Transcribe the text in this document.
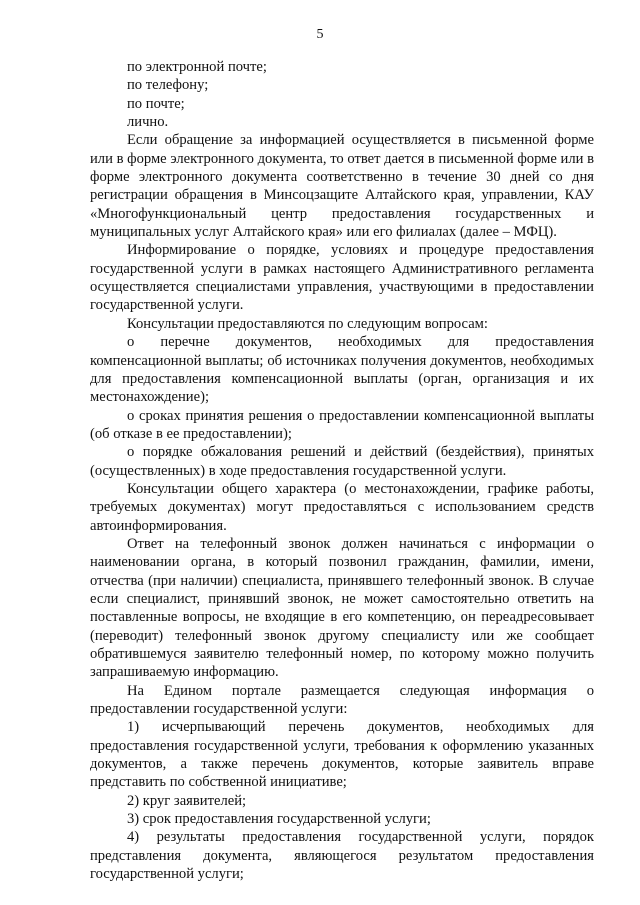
5

по электронной почте;

по телефону;

по почте;

лично.

Если обращение за информацией осуществляется в письменной форме или в форме электронного документа, то ответ дается в письменной форме или в форме электронного документа соответственно в течение 30 дней со дня регистрации обращения в Минсоцзащите Алтайского края, управлении, КАУ «Многофункциональный центр предоставления государственных и муниципальных услуг Алтайского края» или его филиалах (далее – МФЦ).

Информирование о порядке, условиях и процедуре предоставления государственной услуги в рамках настоящего Административного регламента осуществляется специалистами управления, участвующими в предоставлении государственной услуги.

Консультации предоставляются по следующим вопросам:

о перечне документов, необходимых для предоставления компенсационной выплаты; об источниках получения документов, необходимых для предоставления компенсационной выплаты (орган, организация и их местонахождение);

о сроках принятия решения о предоставлении компенсационной выплаты (об отказе в ее предоставлении);

о порядке обжалования решений и действий (бездействия), принятых (осуществленных) в ходе предоставления государственной услуги.

Консультации общего характера (о местонахождении, графике работы, требуемых документах) могут предоставляться с использованием средств автоинформирования.

Ответ на телефонный звонок должен начинаться с информации о наименовании органа, в который позвонил гражданин, фамилии, имени, отчества (при наличии) специалиста, принявшего телефонный звонок. В случае если специалист, принявший звонок, не может самостоятельно ответить на поставленные вопросы, не входящие в его компетенцию, он переадресовывает (переводит) телефонный звонок другому специалисту или же сообщает обратившемуся заявителю телефонный номер, по которому можно получить запрашиваемую информацию.

На Едином портале размещается следующая информация о предоставлении государственной услуги:

1) исчерпывающий перечень документов, необходимых для предоставления государственной услуги, требования к оформлению указанных документов, а также перечень документов, которые заявитель вправе представить по собственной инициативе;

2) круг заявителей;

3) срок предоставления государственной услуги;

4) результаты предоставления государственной услуги, порядок представления документа, являющегося результатом предоставления государственной услуги;
